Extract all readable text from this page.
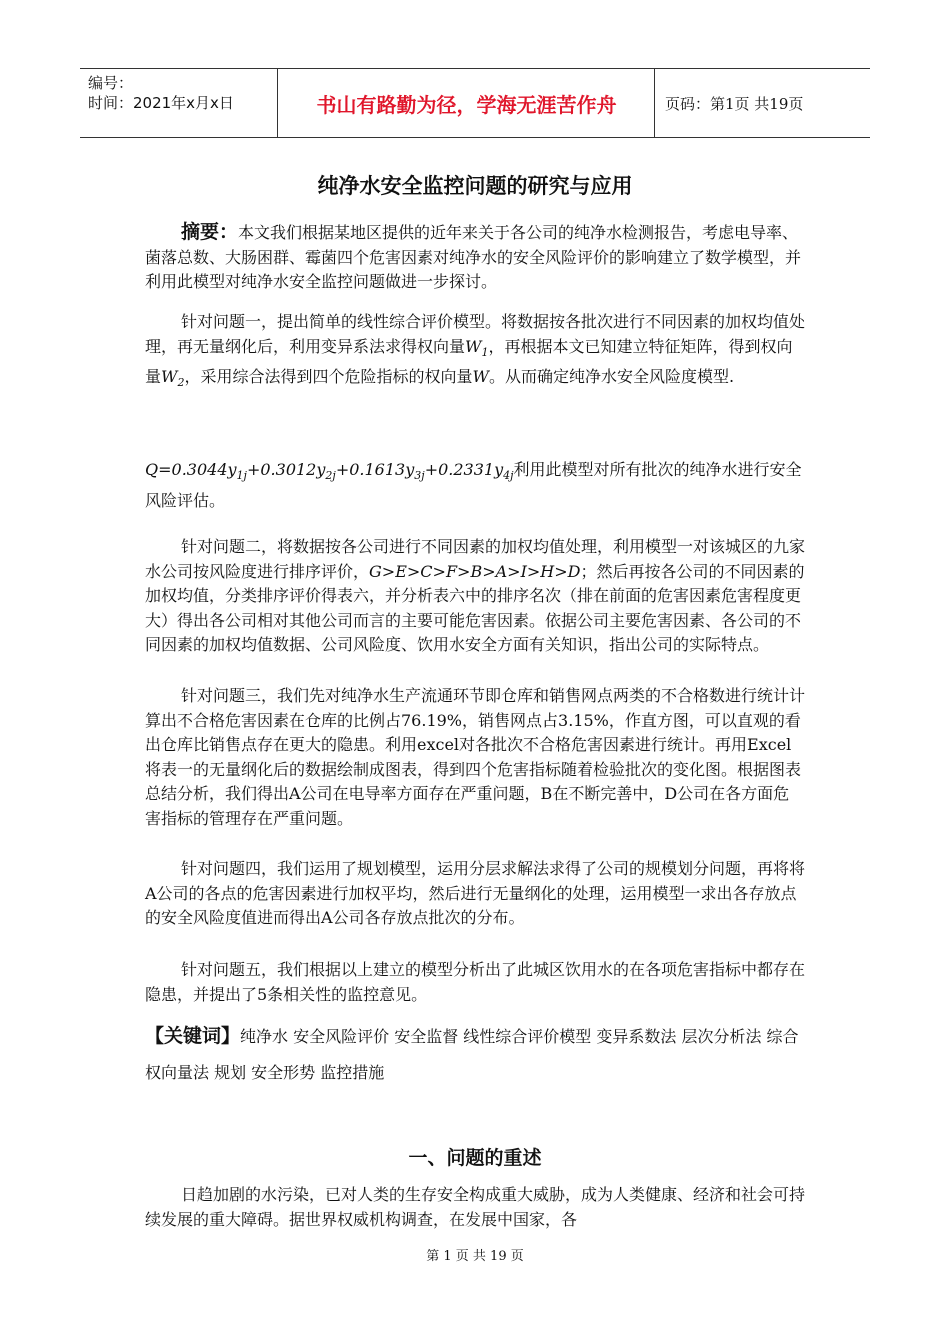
编号：
时间：2021年x月x日	书山有路勤为径，学海无涯苦作舟	页码：第1页 共19页
纯净水安全监控问题的研究与应用

摘要：本文我们根据某地区提供的近年来关于各公司的纯净水检测报告，考虑电导率、菌落总数、大肠困群、霉菌四个危害因素对纯净水的安全风险评价的影响建立了数学模型，并利用此模型对纯净水安全监控问题做进一步探讨。

针对问题一，提出简单的线性综合评价模型。将数据按各批次进行不同因素的加权均值处理，再无量纲化后，利用变异系法求得权向量$W_1$，再根据本文已知建立特征矩阵，得到权向量$W_2$，采用综合法得到四个危险指标的权向量W。从而确定纯净水安全风险度模型.

$Q=0.3044y_{1j}+0.3012y_{2j}+0.1613y_{3j}+0.2331y_{4j}$利用此模型对所有批次的纯净水进行安全风险评估。

针对问题二，将数据按各公司进行不同因素的加权均值处理，利用模型一对该城区的九家水公司按风险度进行排序评价，G>E>C>F>B>A>I>H>D；然后再按各公司的不同因素的加权均值，分类排序评价得表六，并分析表六中的排序名次（排在前面的危害因素危害程度更大）得出各公司相对其他公司而言的主要可能危害因素。依据公司主要危害因素、各公司的不同因素的加权均值数据、公司风险度、饮用水安全方面有关知识，指出公司的实际特点。

针对问题三，我们先对纯净水生产流通环节即仓库和销售网点两类的不合格数进行统计计算出不合格危害因素在仓库的比例占76.19%，销售网点占3.15%，作直方图，可以直观的看出仓库比销售点存在更大的隐患。利用excel对各批次不合格危害因素进行统计。再用Excel将表一的无量纲化后的数据绘制成图表，得到四个危害指标随着检验批次的变化图。根据图表总结分析，我们得出A公司在电导率方面存在严重问题，B在不断完善中，D公司在各方面危害指标的管理存在严重问题。

针对问题四，我们运用了规划模型，运用分层求解法求得了公司的规模划分问题，再将将A公司的各点的危害因素进行加权平均，然后进行无量纲化的处理，运用模型一求出各存放点的安全风险度值进而得出A公司各存放点批次的分布。

针对问题五，我们根据以上建立的模型分析出了此城区饮用水的在各项危害指标中都存在隐患，并提出了5条相关性的监控意见。

【关键词】纯净水 安全风险评价 安全监督 线性综合评价模型 变异系数法 层次分析法 综合权向量法 规划 安全形势 监控措施

一、问题的重述

日趋加剧的水污染，已对人类的生存安全构成重大威胁，成为人类健康、经济和社会可持续发展的重大障碍。据世界权威机构调查，在发展中国家，各

第 1 页 共 19 页
